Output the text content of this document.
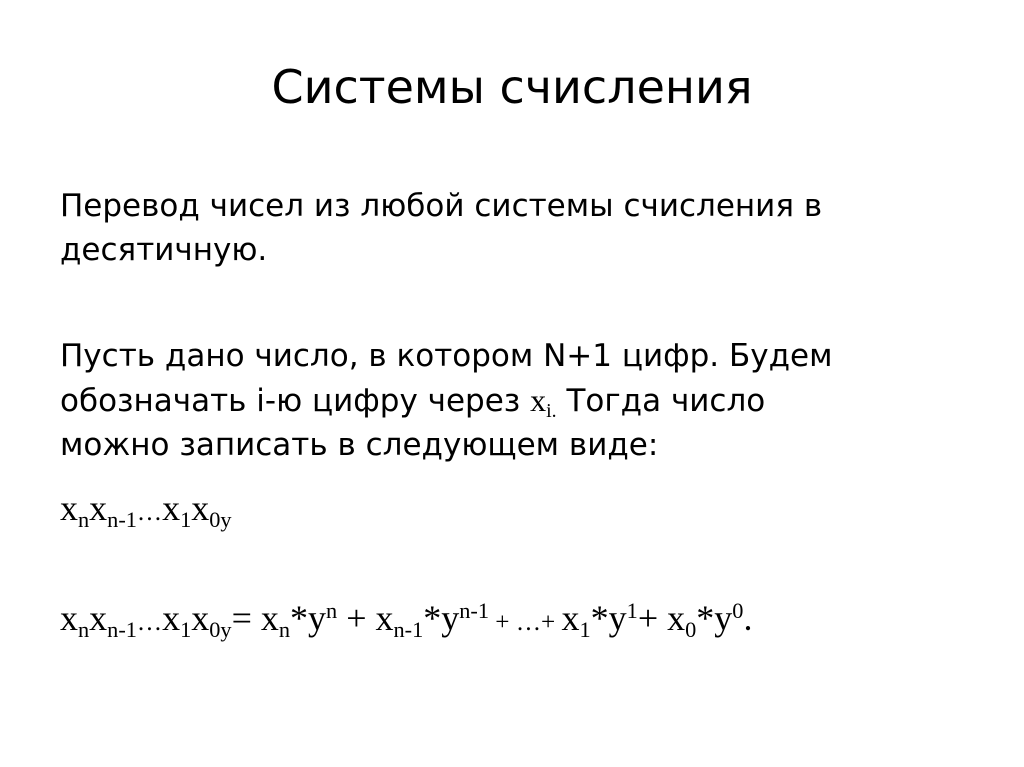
Системы счисления
Перевод чисел из любой системы счисления в
десятичную.
Пусть дано число, в котором N+1 цифр. Будем
обозначать i-ю цифру через $x_{i.}$ Тогда число
можно записать в следующем виде:
$x_nx_{n-1}\dots x_1x_{0y}$
$x_nx_{n-1}\dots x_1x_{0y}= x_n*y^n + x_{n-1}*y^{n-1}$ + …+ $x_1*y^1+ x_0*y^0$.
